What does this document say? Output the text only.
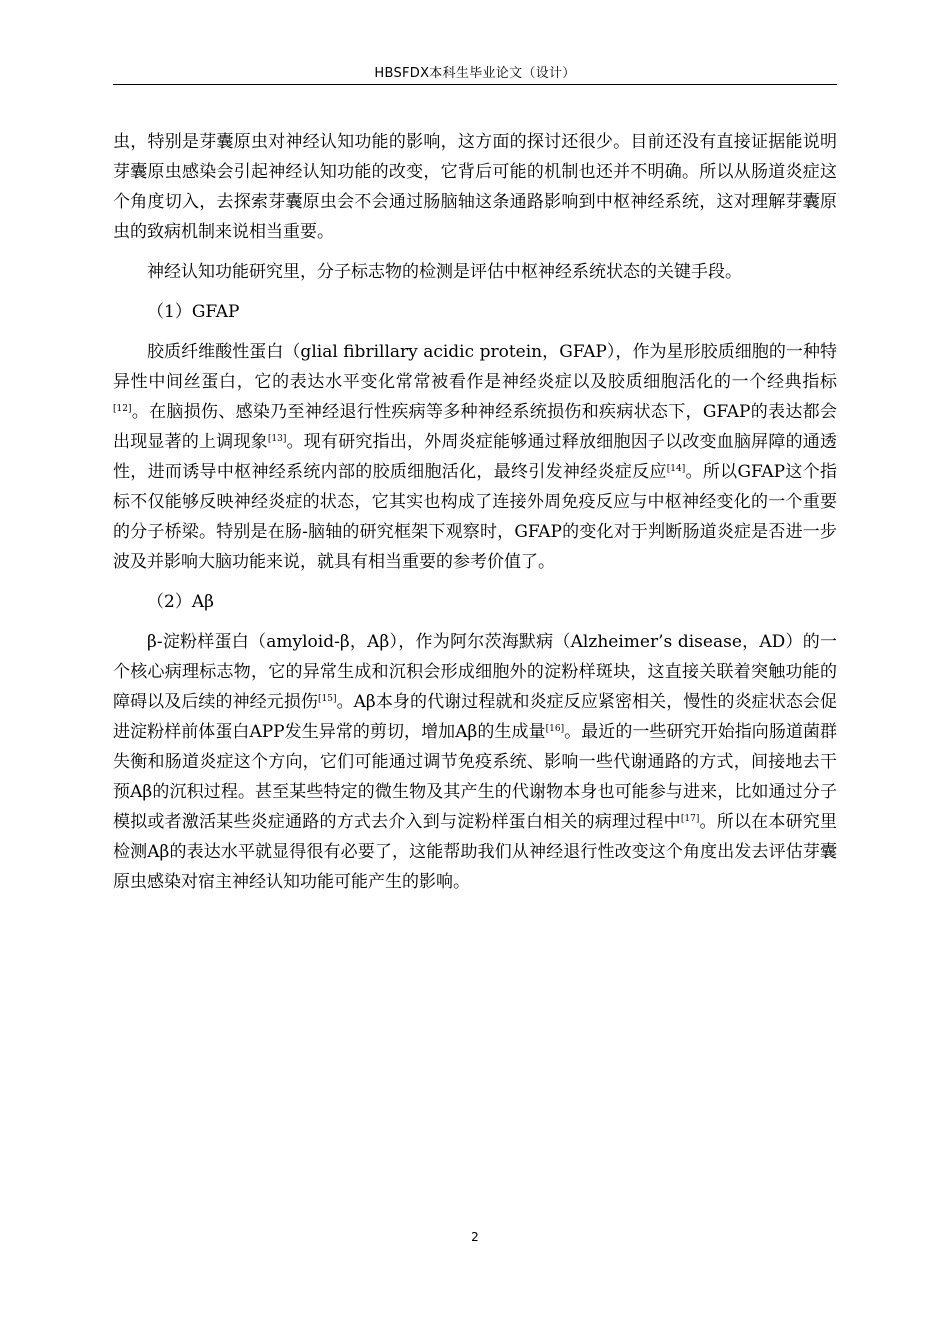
HBSFDX本科生毕业论文（设计）

虫，特别是芽囊原虫对神经认知功能的影响，这方面的探讨还很少。目前还没有直接证据能说明芽囊原虫感染会引起神经认知功能的改变，它背后可能的机制也还并不明确。所以从肠道炎症这个角度切入，去探索芽囊原虫会不会通过肠脑轴这条通路影响到中枢神经系统，这对理解芽囊原虫的致病机制来说相当重要。

神经认知功能研究里，分子标志物的检测是评估中枢神经系统状态的关键手段。

（1）GFAP

胶质纤维酸性蛋白（glial fibrillary acidic protein，GFAP），作为星形胶质细胞的一种特异性中间丝蛋白，它的表达水平变化常常被看作是神经炎症以及胶质细胞活化的一个经典指标[12]。在脑损伤、感染乃至神经退行性疾病等多种神经系统损伤和疾病状态下，GFAP的表达都会出现显著的上调现象[13]。现有研究指出，外周炎症能够通过释放细胞因子以改变血脑屏障的通透性，进而诱导中枢神经系统内部的胶质细胞活化，最终引发神经炎症反应[14]。所以GFAP这个指标不仅能够反映神经炎症的状态，它其实也构成了连接外周免疫反应与中枢神经变化的一个重要的分子桥梁。特别是在肠-脑轴的研究框架下观察时，GFAP的变化对于判断肠道炎症是否进一步波及并影响大脑功能来说，就具有相当重要的参考价值了。

（2）Aβ

β-淀粉样蛋白（amyloid-β，Aβ），作为阿尔茨海默病（Alzheimer’s disease，AD）的一个核心病理标志物，它的异常生成和沉积会形成细胞外的淀粉样斑块，这直接关联着突触功能的障碍以及后续的神经元损伤[15]。Aβ本身的代谢过程就和炎症反应紧密相关，慢性的炎症状态会促进淀粉样前体蛋白APP发生异常的剪切，增加Aβ的生成量[16]。最近的一些研究开始指向肠道菌群失衡和肠道炎症这个方向，它们可能通过调节免疫系统、影响一些代谢通路的方式，间接地去干预Aβ的沉积过程。甚至某些特定的微生物及其产生的代谢物本身也可能参与进来，比如通过分子模拟或者激活某些炎症通路的方式去介入到与淀粉样蛋白相关的病理过程中[17]。所以在本研究里检测Aβ的表达水平就显得很有必要了，这能帮助我们从神经退行性改变这个角度出发去评估芽囊原虫感染对宿主神经认知功能可能产生的影响。

2
